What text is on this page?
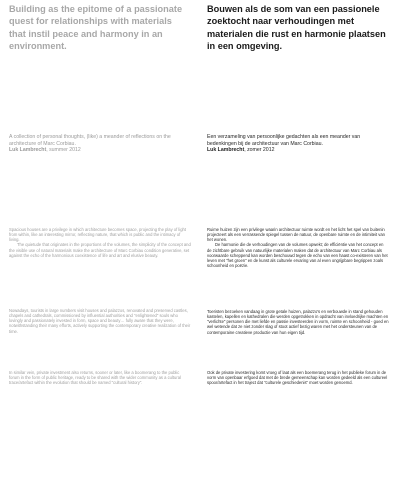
Building as the epitome of a passionate quest for relationships with materials that instil peace and harmony in an environment.
Bouwen als de som van een passionele zoektocht naar verhoudingen met materialen die rust en harmonie plaatsen in een omgeving.
A collection of personal thoughts, (like) a meander of reflections on the architecture of Marc Corbiau.
Luk Lambrecht, summer 2012
Een verzameling van persoonlijke gedachten als een meander van bedenkingen bij de architectuur van Marc Corbiau.
Luk Lambrecht, zomer 2012

Spacious houses are a privilege in which architecture becomes space, projecting the play of light from within, like an interesting mirror, reflecting nature, that which is public and the intimacy of living.

The quietude that originates in the proportions of the volumes, the simplicity of the concept and the visible use of natural materials make the architecture of Marc Corbiau condition generative, set against the echo of the harmonious coexistence of life and art and elusive beauty.

Nowadays, tourists in large numbers visit houses and palazzos, renovated and preserved castles, chapels and cathedrals, commissioned by influential authorities and "enlightened" souls who lovingly and passionately invested in form, space and beauty… fully aware that they were, notwithstanding their many efforts, actively supporting the contemporary creative realization of their time.

In similar vein, private investment also returns, sooner or later, like a boomerang to the public forum in the form of public heritage, ready to be shared with the wider community as a cultural trace/artefact within the evolution that should be named "cultural history".

Ruime huizen zijn een privilege waarin architectuur ruimte wordt en het licht het spel van buitenin projecteert als een verrassende spiegel tussen de natuur, de openbare ruimte en de intimiteit van het wonen.

De harmonie die de verhoudingen van de volumes opwekt; de efficiëntie van het concept en de zichtbare gebruik van natuurlijke materialen maken dat de architectuur van Marc Corbiau als voorwaarde scheppend kan worden beschouwd tegen de echo van een haast co-existeren van het leven met "het groen" en de kunst als culturele ervaring van al even ongrijpbare begrippen zoals schoonheid en poëzie.

Toeristen bezoeken vandaag in grote getale huizen, palazzo's en verbouwde in stand gehouden kastelen, kapellen en kathedralen die werden opgetrokken in opdracht van invloedrijke machten en "verlichte" personen die met liefde en passie investeerden in vorm, ruimte en schoonheid - goed en wel wetende dat ze niet zonder slag of stoot actief bezig waren met het ondersteunen van de contemporaine creatieve productie van hun eigen tijd.

Ook de private investering komt vroeg of laat als een boemerang terug in het publieke forum in de vorm van openbaar erfgoed dat met de brede gemeenschap kan worden gedeeld als een cultureel spoor/artefact in het traject dat "culturele geschiedenis" moet worden genoemd.
